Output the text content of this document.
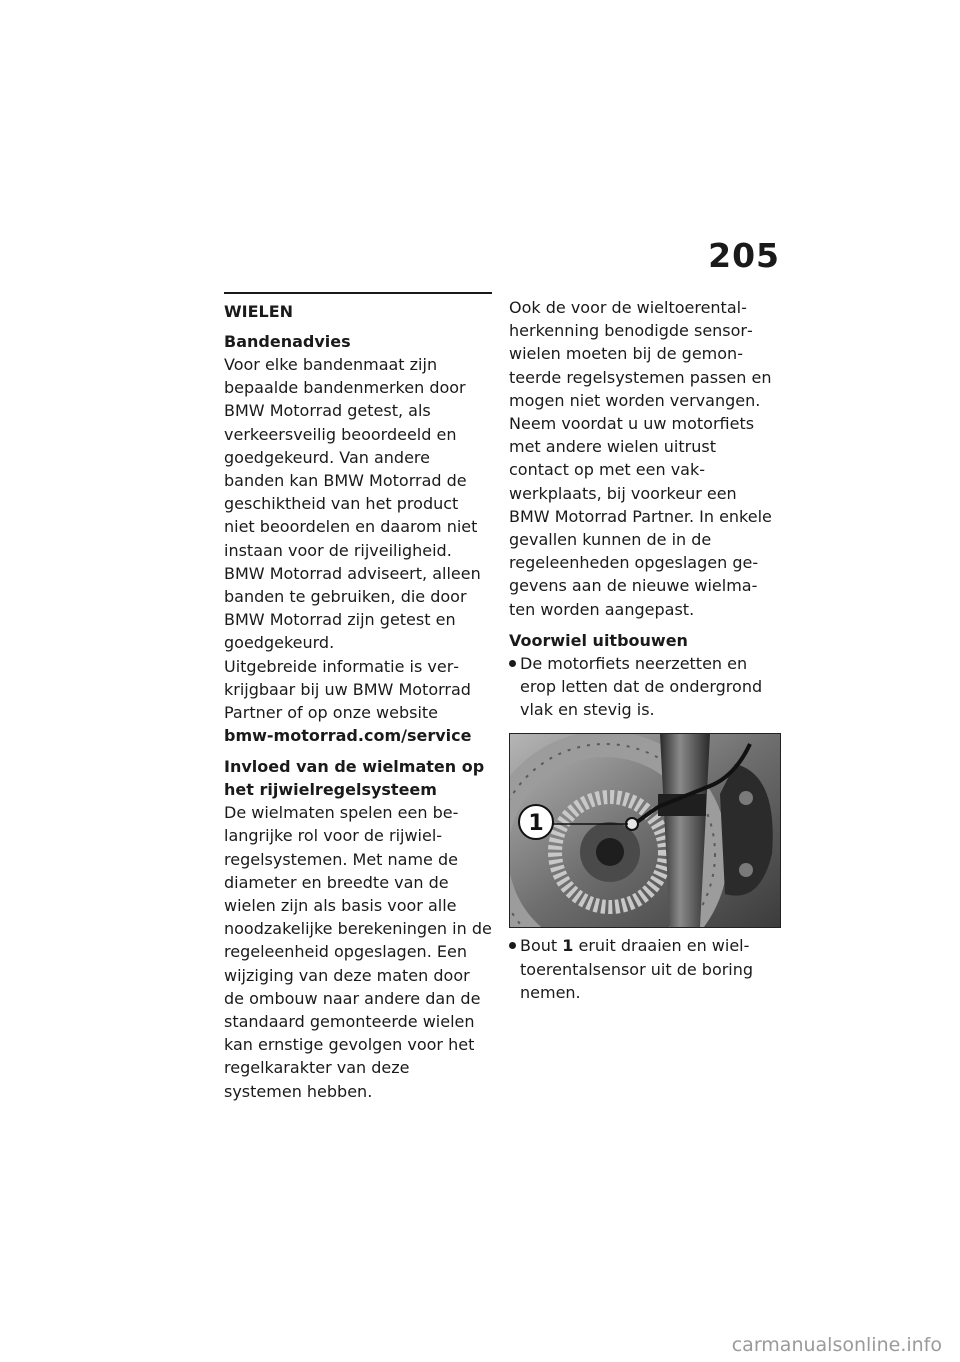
205

WIELEN

Bandenadvies

Voor elke bandenmaat zijn bepaalde bandenmerken door BMW Motorrad getest, als verkeersveilig beoordeeld en goedgekeurd. Van andere banden kan BMW Motorrad de geschiktheid van het product niet beoordelen en daarom niet instaan voor de rijveiligheid.

BMW Motorrad adviseert, alleen banden te gebruiken, die door BMW Motorrad zijn getest en goedgekeurd.

Uitgebreide informatie is verkrijgbaar bij uw BMW Motorrad Partner of op onze website

bmw-motorrad.com/service

Invloed van de wielmaten op het rijwielregelsysteem

De wielmaten spelen een belangrijke rol voor de rijwielregelsystemen. Met name de diameter en breedte van de wielen zijn als basis voor alle noodzakelijke berekeningen in de regeleenheid opgeslagen. Een wijziging van deze maten door de ombouw naar andere dan de standaard gemonteerde wielen kan ernstige gevolgen voor het regelkarakter van deze systemen hebben.

Ook de voor de wieltoerentalherkenning benodigde sensorwielen moeten bij de gemonteerde regelsystemen passen en mogen niet worden vervangen.

Neem voordat u uw motorfiets met andere wielen uitrust contact op met een vakwerkplaats, bij voorkeur een BMW Motorrad Partner. In enkele gevallen kunnen de in de regeleenheden opgeslagen gegevens aan de nieuwe wielmaten worden aangepast.

Voorwiel uitbouwen

De motorfiets neerzetten en erop letten dat de ondergrond vlak en stevig is.
1
Bout 1 eruit draaien en wieltoerentalsensor uit de boring nemen.
carmanualsonline.info
